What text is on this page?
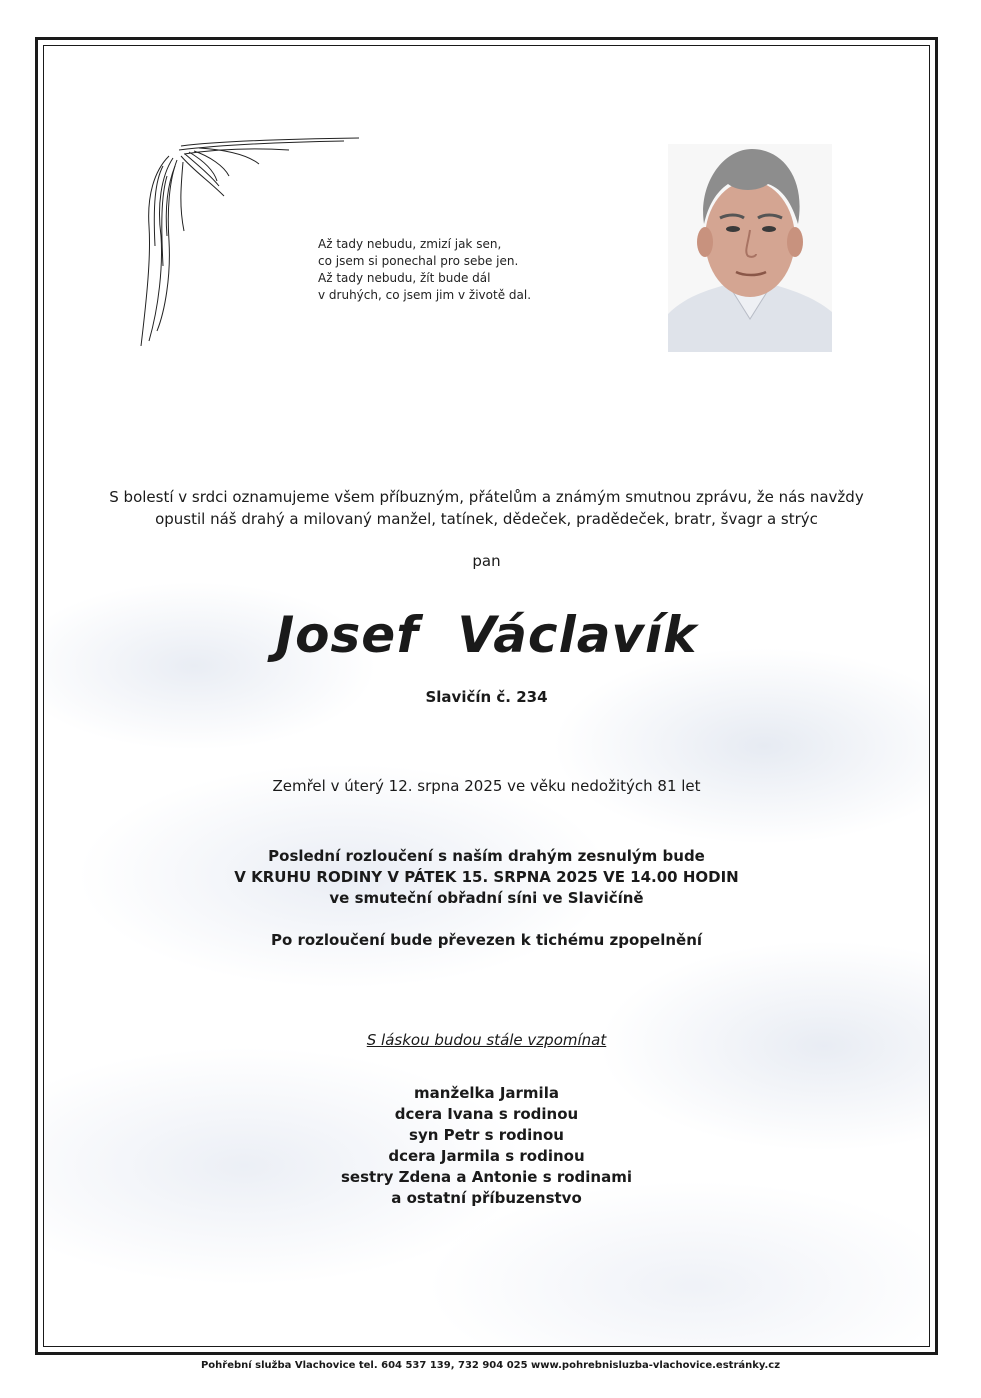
Až tady nebudu, zmizí jak sen,
co jsem si ponechal pro sebe jen.
Až tady nebudu, žít bude dál
v druhých, co jsem jim v životě dal.
S bolestí v srdci oznamujeme všem příbuzným, přátelům a známým smutnou zprávu, že nás navždy
opustil náš drahý a milovaný manžel, tatínek, dědeček, pradědeček, bratr, švagr a strýc
pan
Josef Václavík
Slavičín č. 234
Zemřel v úterý 12. srpna 2025 ve věku nedožitých 81 let
Poslední rozloučení s naším drahým zesnulým bude
V KRUHU RODINY V PÁTEK 15. SRPNA 2025 VE 14.00 HODIN
ve smuteční obřadní síni ve Slavičíně
Po rozloučení bude převezen k tichému zpopelnění
S láskou budou stále vzpomínat
manželka Jarmila
dcera Ivana s rodinou
syn Petr s rodinou
dcera Jarmila s rodinou
sestry Zdena a Antonie s rodinami
a ostatní příbuzenstvo
Pohřební služba Vlachovice tel. 604 537 139, 732 904 025 www.pohrebnisluzba-vlachovice.estránky.cz
